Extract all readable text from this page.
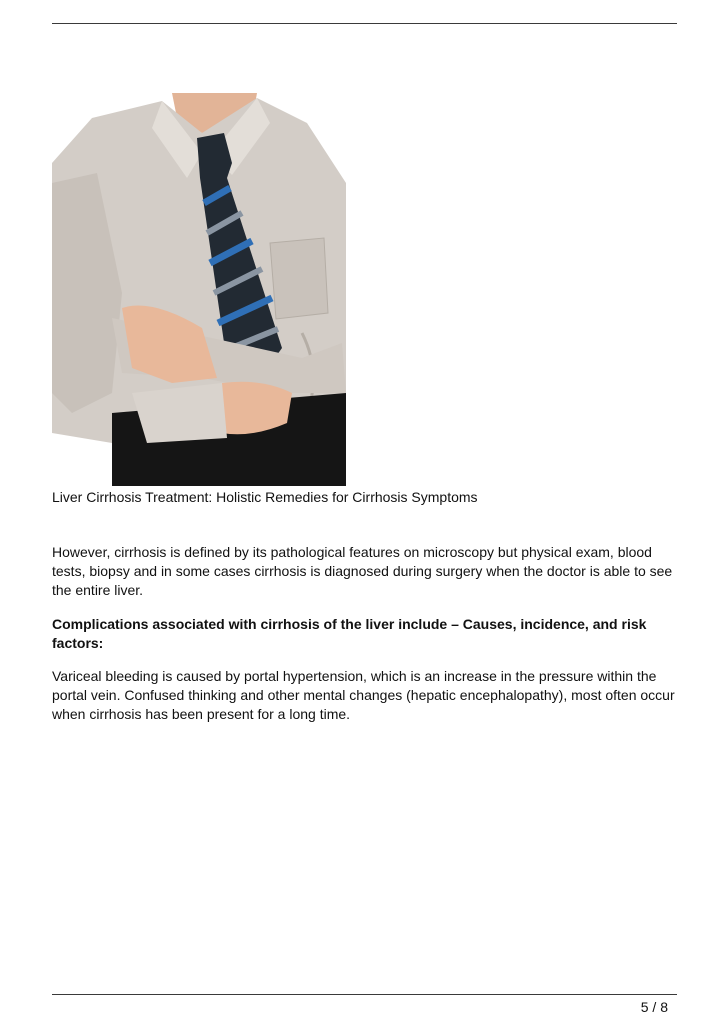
Liver Cirrhosis Treatment: Holistic Remedies for Cirrhosis Symptoms

However, cirrhosis is defined by its pathological features on microscopy but physical exam, blood tests, biopsy and in some cases cirrhosis is diagnosed during surgery when the doctor is able to see the entire liver.

Complications associated with cirrhosis of the liver include – Causes, incidence, and risk factors:

Variceal bleeding is caused by portal hypertension, which is an increase in the pressure within the portal vein. Confused thinking and other mental changes (hepatic encephalopathy), most often occur when cirrhosis has been present for a long time.

5 / 8
